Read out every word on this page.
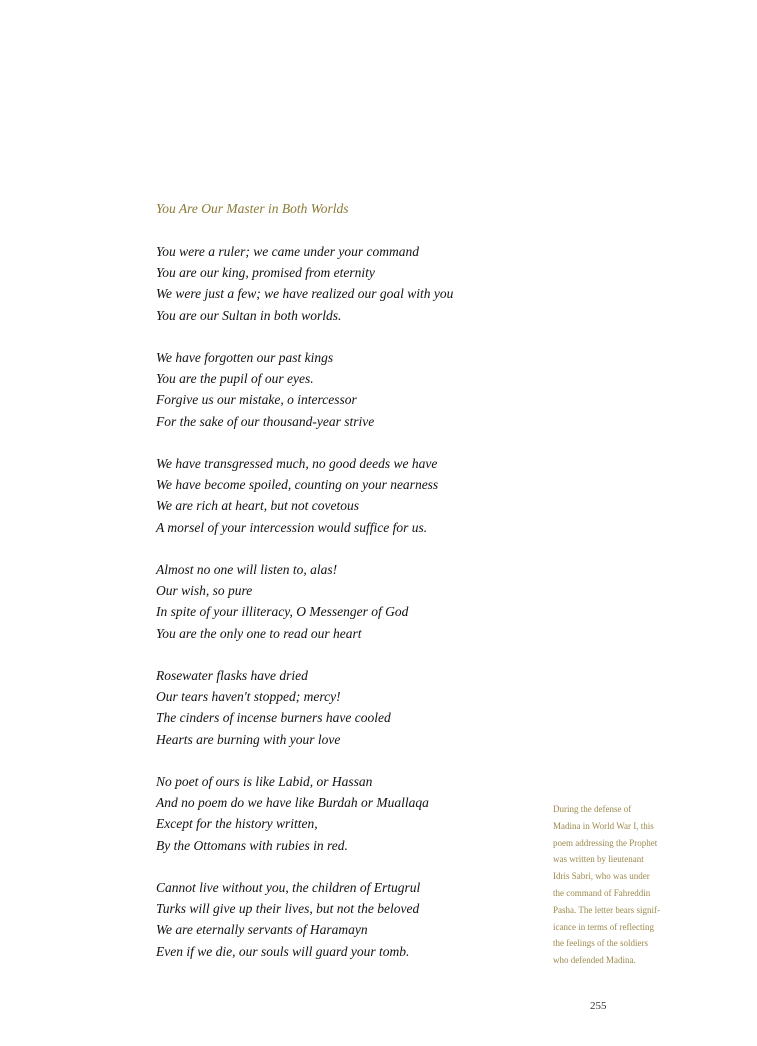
You Are Our Master in Both Worlds
You were a ruler; we came under your command
You are our king, promised from eternity
We were just a few; we have realized our goal with you
You are our Sultan in both worlds.
We have forgotten our past kings
You are the pupil of our eyes.
Forgive us our mistake, o intercessor
For the sake of our thousand-year strive
We have transgressed much, no good deeds we have
We have become spoiled, counting on your nearness
We are rich at heart, but not covetous
A morsel of your intercession would suffice for us.
Almost no one will listen to, alas!
Our wish, so pure
In spite of your illiteracy, O Messenger of God
You are the only one to read our heart
Rosewater flasks have dried
Our tears haven't stopped; mercy!
The cinders of incense burners have cooled
Hearts are burning with your love
No poet of ours is like Labid, or Hassan
And no poem do we have like Burdah or Muallaqa
Except for the history written,
By the Ottomans with rubies in red.
Cannot live without you, the children of Ertugrul
Turks will give up their lives, but not the beloved
We are eternally servants of Haramayn
Even if we die, our souls will guard your tomb.
During the defense of
Madina in World War I, this
poem addressing the Prophet
was written by lieutenant
Idris Sabri, who was under
the command of Fahreddin
Pasha. The letter bears signif-
icance in terms of reflecting
the feelings of the soldiers
who defended Madina.
255
